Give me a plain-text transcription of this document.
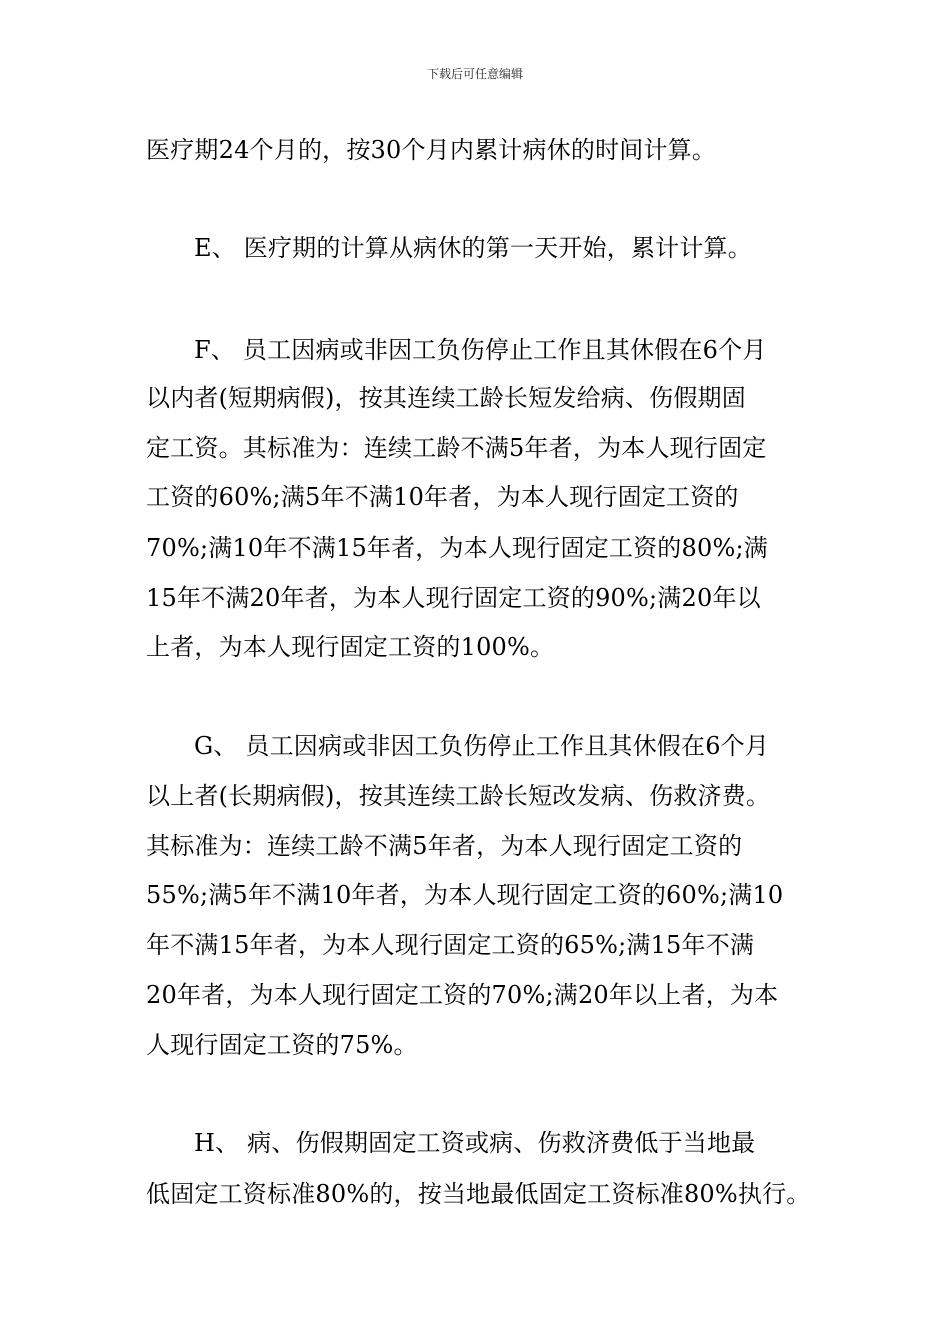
下载后可任意编辑
医疗期24个月的，按30个月内累计病休的时间计算。
E、 医疗期的计算从病休的第一天开始，累计计算。
F、 员工因病或非因工负伤停止工作且其休假在6个月
以内者(短期病假)，按其连续工龄长短发给病、伤假期固
定工资。其标准为：连续工龄不满5年者，为本人现行固定
工资的60%;满5年不满10年者，为本人现行固定工资的
70%;满10年不满15年者，为本人现行固定工资的80%;满
15年不满20年者，为本人现行固定工资的90%;满20年以
上者，为本人现行固定工资的100%。
G、 员工因病或非因工负伤停止工作且其休假在6个月
以上者(长期病假)，按其连续工龄长短改发病、伤救济费。
其标准为：连续工龄不满5年者，为本人现行固定工资的
55%;满5年不满10年者，为本人现行固定工资的60%;满10
年不满15年者，为本人现行固定工资的65%;满15年不满
20年者，为本人现行固定工资的70%;满20年以上者，为本
人现行固定工资的75%。
H、 病、伤假期固定工资或病、伤救济费低于当地最
低固定工资标准80%的，按当地最低固定工资标准80%执行。
